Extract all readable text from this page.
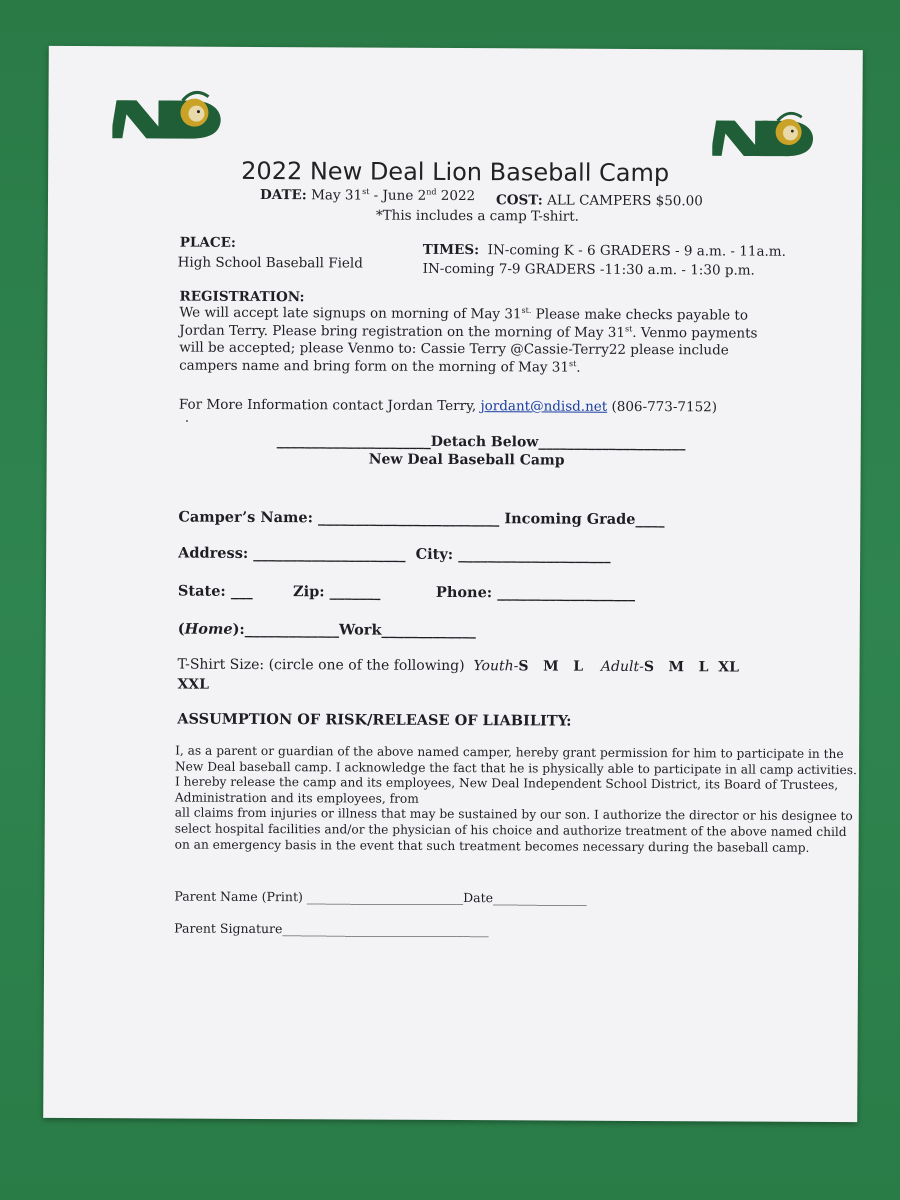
2022 New Deal Lion Baseball Camp
DATE: May 31st - June 2nd 2022 COST: ALL CAMPERS $50.00
*This includes a camp T-shirt.
PLACE:
High School Baseball Field
TIMES: IN-coming K - 6 GRADERS - 9 a.m. - 11a.m.
IN-coming 7-9 GRADERS -11:30 a.m. - 1:30 p.m.
REGISTRATION:
We will accept late signups on morning of May $31^{st.}$ Please make checks payable to Jordan Terry. Please bring registration on the morning of May 31st. Venmo payments will be accepted; please Venmo to: Cassie Terry @Cassie-Terry22 please include campers name and bring form on the morning of May 31st.
For More Information contact Jordan Terry, jordant@ndisd.net (806-773-7152)
.
______________________Detach Below_____________________
New Deal Baseball Camp
Camper’s Name: _________________________ Incoming Grade____
Address: _____________________ City: _____________________
State: ___	Zip: _______	Phone: ___________________
(Home):_____________Work_____________
T-Shirt Size: (circle one of the following) Youth-S   M   L Adult-S   M   L  XL
XXL
ASSUMPTION OF RISK/RELEASE OF LIABILITY:
I, as a parent or guardian of the above named camper, hereby grant permission for him to participate in the New Deal baseball camp. I acknowledge the fact that he is physically able to participate in all camp activities. I hereby release the camp and its employees, New Deal Independent School District, its Board of Trustees, Administration and its employees, from
all claims from injuries or illness that may be sustained by our son. I authorize the director or his designee to select hospital facilities and/or the physician of his choice and authorize treatment of the above named child on an emergency basis in the event that such treatment becomes necessary during the baseball camp.
Parent Name (Print) _________________________Date_______________
Parent Signature_________________________________
